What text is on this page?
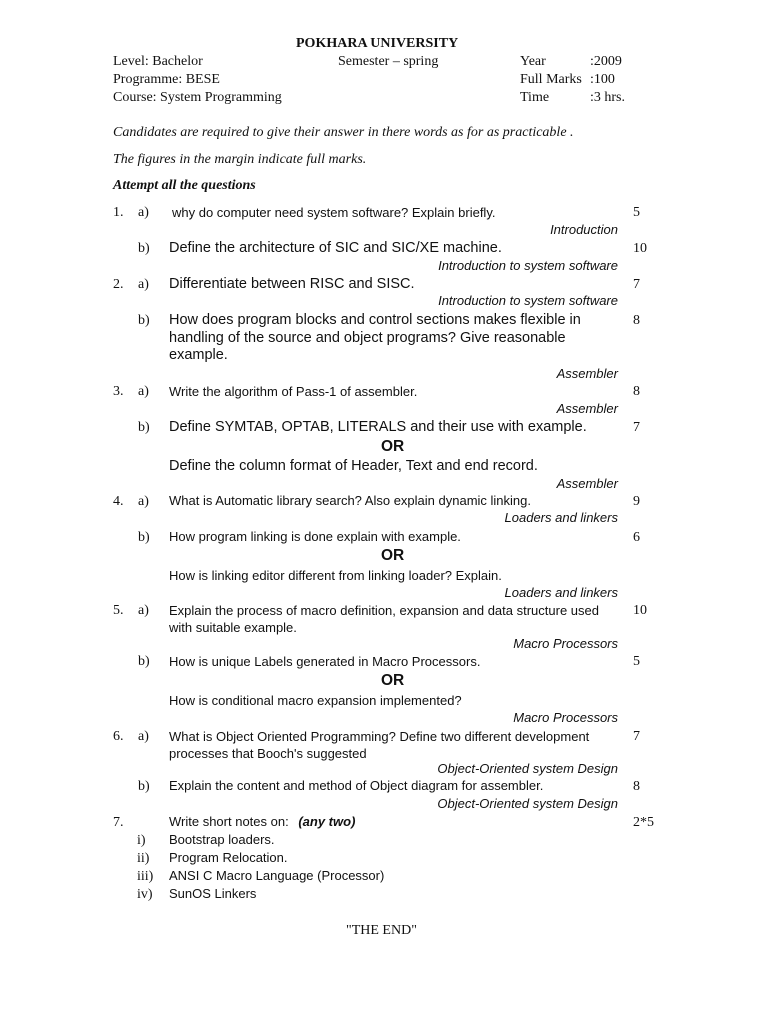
POKHARA UNIVERSITY
Level: Bachelor	Semester – spring	Year	:2009
Programme: BESE	Full Marks :100
Course: System Programming	Time	:3 hrs.
Candidates are required to give their answer in there words as for as practicable .
The figures in the margin indicate full marks.
Attempt all the questions
1. a) why do computer need system software? Explain briefly.	5
Introduction
b) Define the architecture of SIC and SIC/XE machine.	10
Introduction to system software
2. a) Differentiate between RISC and SISC.	7
Introduction to system software
b) How does program blocks and control sections makes flexible in handling of the source and object programs? Give reasonable example.
8
Assembler
3. a) Write the algorithm of Pass-1 of assembler.	8
Assembler
b) Define SYMTAB, OPTAB, LITERALS and their use with example.	7
OR
Define the column format of Header, Text and end record.
Assembler
4. a) What is Automatic library search? Also explain dynamic linking.	9
Loaders and linkers
b) How program linking is done explain with example.	6
OR
How is linking editor different from linking loader? Explain.
Loaders and linkers
5. a) Explain the process of macro definition, expansion and data structure used with suitable example.
10
Macro Processors
b) How is unique Labels generated in Macro Processors.	5
OR
How is conditional macro expansion implemented?
Macro Processors
6. a) What is Object Oriented Programming? Define two different development processes that Booch's suggested
7
Object-Oriented system Design
b) Explain the content and method of Object diagram for assembler.	8
Object-Oriented system Design
7.	Write short notes on: (any two)	2*5
i) Bootstrap loaders.
ii) Program Relocation.
iii) ANSI C Macro Language (Processor)
iv) SunOS Linkers
"THE END"
